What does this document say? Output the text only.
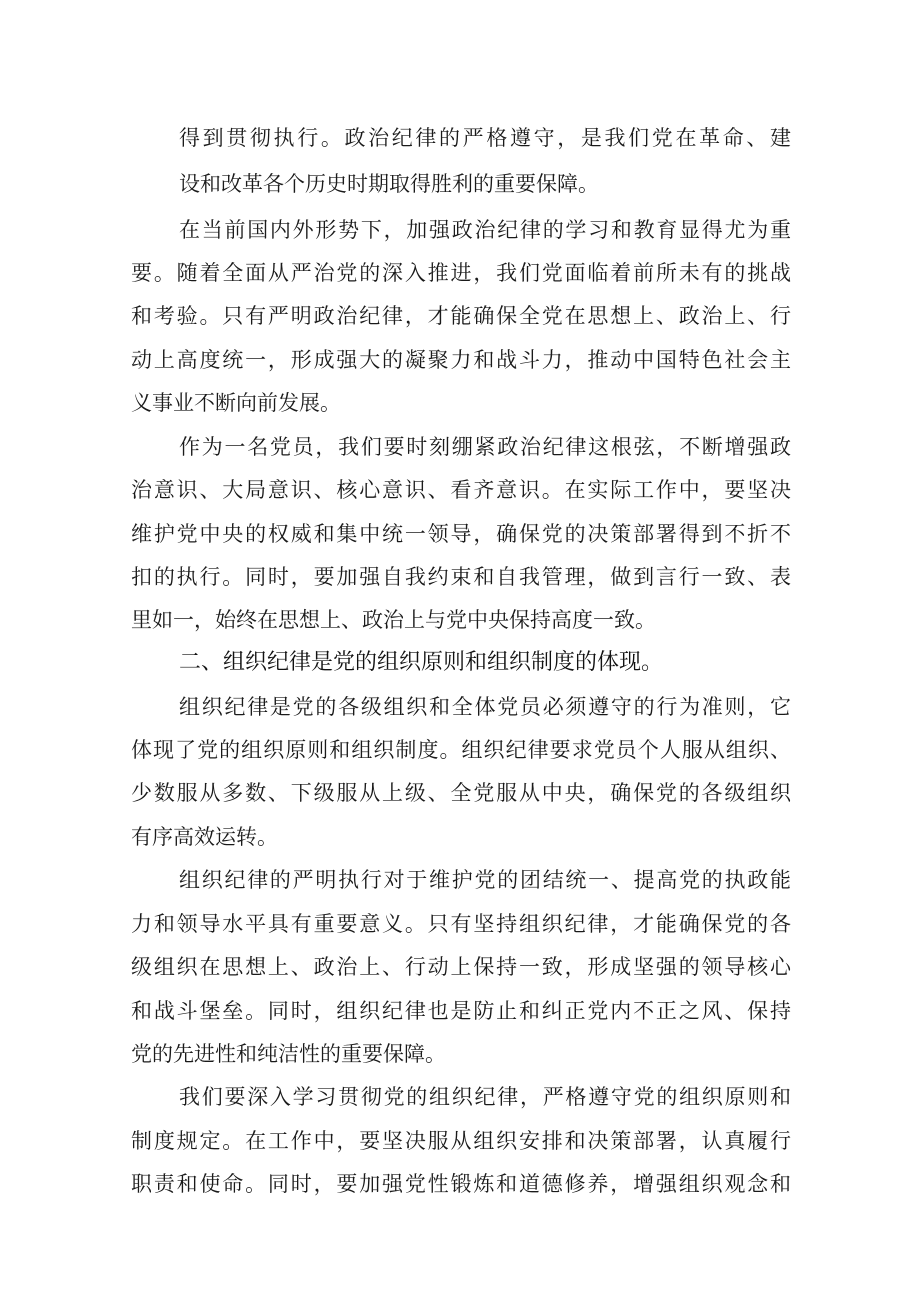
得到贯彻执行。政治纪律的严格遵守，是我们党在革命、建

设和改革各个历史时期取得胜利的重要保障。

在当前国内外形势下，加强政治纪律的学习和教育显得尤为重

要。随着全面从严治党的深入推进，我们党面临着前所未有的挑战

和考验。只有严明政治纪律，才能确保全党在思想上、政治上、行

动上高度统一，形成强大的凝聚力和战斗力，推动中国特色社会主

义事业不断向前发展。

作为一名党员，我们要时刻绷紧政治纪律这根弦，不断增强政

治意识、大局意识、核心意识、看齐意识。在实际工作中，要坚决

维护党中央的权威和集中统一领导，确保党的决策部署得到不折不

扣的执行。同时，要加强自我约束和自我管理，做到言行一致、表

里如一，始终在思想上、政治上与党中央保持高度一致。

二、组织纪律是党的组织原则和组织制度的体现。

组织纪律是党的各级组织和全体党员必须遵守的行为准则，它

体现了党的组织原则和组织制度。组织纪律要求党员个人服从组织、

少数服从多数、下级服从上级、全党服从中央，确保党的各级组织

有序高效运转。

组织纪律的严明执行对于维护党的团结统一、提高党的执政能

力和领导水平具有重要意义。只有坚持组织纪律，才能确保党的各

级组织在思想上、政治上、行动上保持一致，形成坚强的领导核心

和战斗堡垒。同时，组织纪律也是防止和纠正党内不正之风、保持

党的先进性和纯洁性的重要保障。

我们要深入学习贯彻党的组织纪律，严格遵守党的组织原则和

制度规定。在工作中，要坚决服从组织安排和决策部署，认真履行

职责和使命。同时，要加强党性锻炼和道德修养，增强组织观念和
